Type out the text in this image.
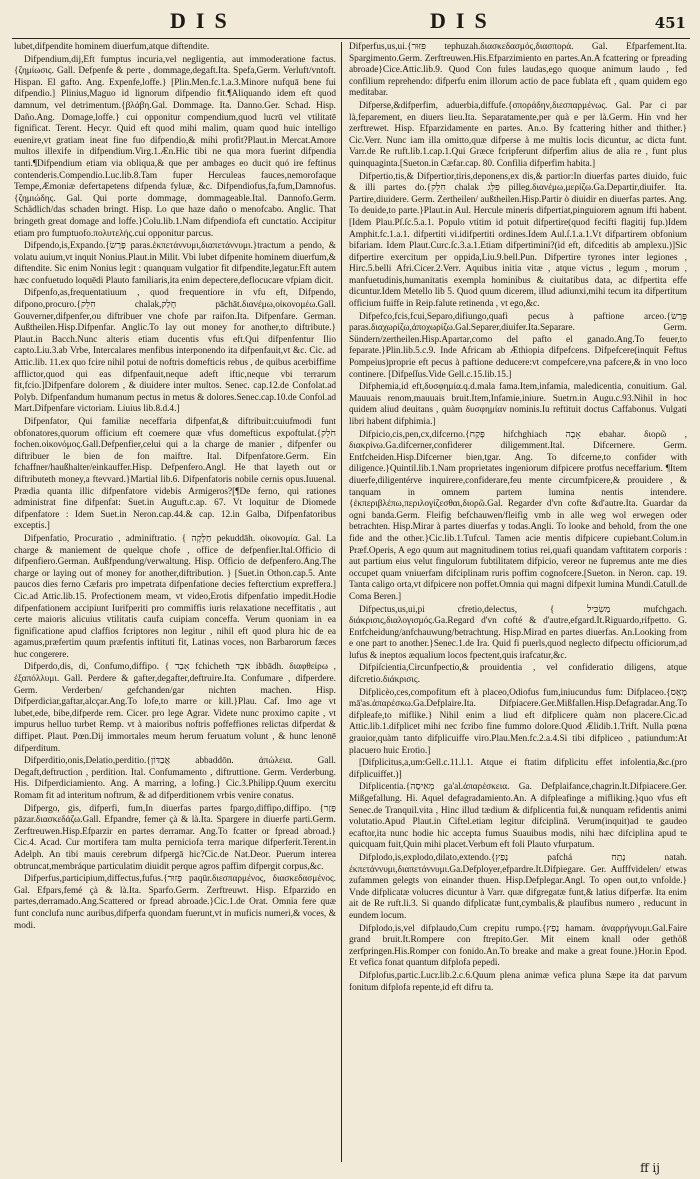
DIS	DIS	451

lubet,difpendite hominem diuerfum,atque diftendite.

Difpendium,dij,Eft fumptus incuria,vel negligentia, aut immoderatione factus.{ζημίωσις. Gall. Defpenfe & perte , dommage,degaft.Ita. Spefa,Germ. Verluft/vntoft. Hispan. El gafto. Ang. Expenfe,loffe.} [Plin.Men.fc.1.a.3.Minore nufquā bene fui difpendio.] Plinius,Maguo id lignorum difpendio fit.¶Aliquando idem eft quod damnum, vel detrimentum.{βλάβη.Gal. Dommage. Ita. Danno.Ger. Schad. Hisp. Daño.Ang. Domage,loffe.} cui opponitur compendium,quod lucrū vel vtilitatē fignificat. Terent. Hecyr. Quid eft quod mihi malim, quam quod huic intelligo euenire,vt gratiam ineat fine fuo difpendio,& mihi profit?Plaut.in Mercat.Amore multos illexife in difpendium.Virg.1.Æn.Hic tibi ne qua mora fuerint difpendia tanti.¶Difpendium etiam via obliqua,& que per ambages eo ducit quó ire feftinus contenderis.Compendio.Luc.lib.8.Tam fuper Herculeas fauces,nemorofaque Tempe,Æmoniæ defertapetens difpenda fyluæ, &c. Difpendiofus,fa,fum,Damnofus.{ζημιώδης. Gal. Qui porte dommage, dommageable.Ital. Dannofo.Germ. Schädlich/das schaden bringt. Hisp. Lo que haze daño o menofcabo. Anglic. That bringeth great domage and loffe.}Colu.lib.1.Nam difpendiofa eft cunctatio. Accipitur etiam pro fumptuofo.πολυτελής.cui opponitur parcus.

Difpendo,is,Expando.{פָּרַשׂ paras.ἐκπετάννυμι,διαπετάννυμι.}tractum a pendo, & volatu auium,vt inquit Nonius.Plaut.in Milit. Vbi lubet difpenite hominem diuerfum,& diftendite. Sic enim Nonius legit : quanquam vulgatior fit difpendite,legatur.Eft autem hæc confuetudo loquēdi Plauto familiaris,ita enim depectere,deflocucare vfpiam dicit.

Difpenfo,as,frequentatiuum , quod frequentiore in vfu eft, Difpendo, difpono,procuro.{חִלֵּק chalak,חָלַק pāchāt.διανέμω,οἰκονομέω.Gall. Gouverner,difpenfer,ou diftribuer vne chofe par raifon.Ita. Difpenfare. German. Außtheilen.Hisp.Difpenfar. Anglic.To lay out money for another,to diftribute.} Plaut.in Bacch.Nunc alteris etiam ducentis vfus eft.Qui difpenfentur Ilio capto.Liu.3.ab Vrbe, Intercalares menfibus interponendo ita difpenfauit,vt &c. Cic. ad Attic.lib. 11.ex quo fcire nihil potui de noftris domefticis rebus , de quibus acerbiffime afflictor,quod qui eas difpenfauit,neque adeft iftic,neque vbi terrarum fit,fcio.]Difpenfare dolorem , & diuidere inter multos. Senec. cap.12.de Confolat.ad Polyb. Difpenfandum humanum pectus in metus & dolores.Senec.cap.10.de Confol.ad Mart.Difpenfare victoriam. Liuius lib.8.d.4.]

Difpenfator, Qui familiæ neceffaria difpenfat,& diftribuit:cuiufmodi funt obfonatores,quorum officium eft coemere quæ vfus domefticus expoftulat.{חֹלֵק fochen.οἰκονόμος.Gall.Defpenfier,celui qui a la charge de manier , difpenfer ou diftribuer le bien de fon maiftre. Ital. Difpenfatore.Germ. Ein fchaffner/haußhalter/einkauffer.Hisp. Defpenfero.Angl. He that layeth out or diftributeth money,a ftevvard.}Martial lib.6. Difpenfatoris nobile cernis opus.Iuuenal. Prædia quanta illic difpenfatore videbis Armigeros?[¶De ferno, qui rationes administrat fine difpenfat: Suet.in Auguft.c.ap. 67. Vt loquitur de Diomede difpenfatore : Idem Suet.in Neron.cap.44.& cap. 12.in Galba, Difpenfatoribus exceptis.]

Difpenfatio, Procuratio , adminiftratio. { חַלָּקָה pekuddāh. οἰκονομία. Gal. La charge & maniement de quelque chofe , office de defpenfier.Ital.Officio di difpenfiero.German. Außfpendung/verwaltung. Hisp. Officio de defpenfero.Ang.The charge or laying out of money for another,diftribution. } [Suet.in Othon.cap.5. Ante paucos dies ferno Cæfaris pro impetrata difpenfatione decies fefterctium expreffera.] Cic.ad Attic.lib.15. Profectionem meam, vt video,Erotis difpenfatio impedit.Hodie difpenfationem accipiunt Iurifperiti pro commiffis iuris relaxatione neceffitatis , aut certe maioris alicuius vtilitatis caufa cuipiam conceffa. Verum quoniam in ea fignificatione apud claffios fcriptores non legitur , nihil eft quod plura hic de ea agamus,præfertim quum præfentis inftituti fit, Latinas voces, non Barbarorum fæces huc congerere.

Difperdo,dis, di, Confumo,diffipo. { אָבַד fchicheth אִבַּד ibbādh. διαφθείρω , ἐξαπόλλυμι. Gall. Perdere & gafter,degafter,deftruire.Ita. Confumare , difperdere. Germ. Verderben/ gefchanden/gar nichten machen. Hisp. Difperdiciar,gaftar,alcçar.Ang.To lofe,to marre or kill.}Plau. Caf. Imo age vt lubet,ede, bibe,difperde rem. Cicer. pro lege Agrar. Videte nunc proximo capite , vt impurus helluo turbet Remp. vt à maioribus noftris poffeffiones relictas difperdat & diffipet. Plaut. Pœn.Dij immortales meum herum feruatum volunt , & hunc lenonē difperditum.

Difperditio,onis,Delatio,perditio.{אֲבַדּוֹן abbaddōn. ἀπώλεια. Gall. Degaft,deftruction , perdition. Ital. Confumamento , diftruttione. Germ. Verderbung. His. Difperdiciamiento. Ang. A marring, a lofing.} Cic.3.Philipp.Quum exercitu Romam fit ad interitum noftrum, & ad difperditionem vrbis venire conatus.

Difpergo, gis, difperfi, fum,In diuerfas partes fpargo,diffipo,diffipo. {פָּזַר pāzar.διασκεδάζω.Gall. Efpandre, femer çà & là.Ita. Spargere in diuerfe parti.Germ. Zerftreuwen.Hisp.Efparzir en partes derramar. Ang.To fcatter or fpread abroad.} Cic.4. Acad. Cur mortifera tam multa perniciofa terra marique difperferit.Terent.in Adelph. An tibi mauis cerebrum difpergā hic?Cic.de Nat.Deor. Puerum interea obtruncat,membráque particulatim diuidit perque agros paffim difpergit corpus,&c.

Difperfus,participium,diffectus,fufus.{פָּזוּר paqūr.διεσπαρμένος, διασκεδασμένος. Gal. Efpars,femé çà & là.Ita. Sparfo.Germ. Zerftreuwt. Hisp. Efparzido en partes,derramado.Ang.Scattered or fpread abroade.}Cic.1.de Orat. Omnia fere quæ funt conclufa nunc auribus,difperfa quondam fuerunt,vt in muficis numeri,& voces, & modi.

Difperfus,us,ui.{פִּזּוּר tephuzah.διασκεδασμός,διασπορά. Gal. Efparfement.Ita. Spargimento.Germ. Zerftreuwen.His.Efparzimiento en partes.An.A fcattering or fpreading abroade}Cice.Attic.lib.9. Quod Con fules laudas,ego quoque animum laudo , fed confilium reprehendo: difperfu enim illorum actio de pace fublata eft , quam quidem ego meditabar.

Difperse,&difperfim, aduerbia,diffufe.{σποράδην,διεσπαρμένως. Gal. Par ci par là,feparement, en diuers lieu.Ita. Separatamente,per quà e per là.Germ. Hin vnd her zerftrewet. Hisp. Efparzidamente en partes. An.o. By fcattering hither and thither.} Cic.Verr. Nunc iam illa omitto,quæ difperse à me multis locis dicuntur, ac dicta funt. Varr.de Re ruft.lib.1.cap.1.Qui Græce fcripferunt difperfim alius de alia re , funt plus quinquaginta.[Sueton.in Cæfar.cap. 80. Confilia difperfim habita.]

Difpertio,tis,& Difpertior,tiris,deponens,ex dis,& partior:In diuerfas partes diuido, fuic & illi partes do.{חִלֵּק chalak פִּלֵּג pilleg.διανέμω,μερίζω.Ga.Departir,diuifer. Ita. Partire,diuidere. Germ. Zertheilen/ außtheilen.Hisp.Partir ò diuidir en diuerfas partes. Ang. To deuide,to parte.}Plaut.in Aul. Hercule mineris difpertiat,pinguiorem agnum ifti habent.[Idem Plau.Pſ.ſc.5.a.1. Populo vtitim id potuit difpertire(quod fecifti flagitij fup.)Idem Amphit.fc.1.a.1. difpertiti vi.idifpertiti ordines.Idem Aul.ſ.1.a.1.Vt difpartirem obfonium bifariam. Idem Plaut.Curc.ſc.3.a.1.Etiam difpertimini?(id eft, difceditis ab amplexu.)]Sic difpertire exercitum per oppida,Liu.9.bell.Pun. Difpertire tyrones inter legiones , Hirc.5.belli Afri.Cicer.2.Verr. Aquibus initia vitæ , atque victus , legum , morum , manfuetudinis,humanitatis exempla hominibus & ciuitatibus data, ac difpertita effe dicuntur.Idem Metello lib 5. Quod quum dicerem, illud adiunxi,mihi tecum ita difpertitum officium fuiffe in Reip.falute retinenda , vt ego,&c.

Difpefco,fcis,fcui,Separo,difiungo,quafi pecus à paftione arceo.{פָּרַשׂ paras.διαχωρίζω,ἀποχωρίζω.Gal.Separer,diuifer.Ita.Separare. Germ. Sündern/zertheilen.Hisp.Apartar,como del pafto el ganado.Ang.To feuer,to feparate.}Plin.lib.5.c.9. Inde Africam ab Æthiopia difpefcens. Difpefcere(inquit Feftus Pompeius)proprie eft pecus à paftione deducere:vt compefcere,vna pafcere,& in vno loco continere. [Difpeſſus.Vide Gell.c.15.lib.15.]

Difphemia,id eft,δυσφημία.q.d.mala fama.Item,infamia, maledicentia, conuitium. Gal. Mauuais renom,mauuais bruit.Item,Infamie,iniure. Suetrn.in Augu.c.93.Nihil in hoc quidem aliud deuitans , quàm δυσφημίαν nominis.Iu reftituit doctus Caffabonus. Vulgati libri habent difphimia.]

Difpicio,cis,pen,cx,difcerno.{פָּקַח hifchghiach אָבָה ebahar. διορῶ , διακρίνω.Ga.difcerner,confiderer diligemment.Ital. Difcernere. Germ. Entfcheiden.Hisp.Difcerner bien,tgar. Ang. To difcerne,to confider with diligence.}Quintil.lib.1.Nam proprietates ingeniorum difpicere protfus neceffarium. ¶Item diuerfe,diligentérve inquirere,confiderare,feu mente circumfpicere,& prouidere , & tanquam in omnem partem lumina nentis intendere.{ἐκπεριβλέπω,περιλογίζεσθαι,διορῶ.Gal. Regarder d'vn cofte &d'autre.Ita. Guardar da ogni banda.Germ. Fleifig befchauwen/fleifig vmb in alle weg wol erwegen oder betrachten. Hisp.Mirar à partes diuerfas y todas.Angli. To looke and behold, from the one fide and the other.}Cic.lib.1.Tufcul. Tamen acie mentis difpicere cupiebant.Colum.in Præf.Operis, A ego quum aut magnitudinem totius rei,quafi quandam vaftitatem corporis : aut partium eius velut fingulorum fubtilitatem difpicio, vereor ne fupremus ante me dies occupet quam vniuerfam difciplinam ruris poffim cognofcere.[Sueton. in Neron. cap. 19. Tanta caligo orta,vt difpicere non poffet.Omnia qui magni difpexit lumina Mundi.Catull.de Coma Beren.]

Difpectus,us,ui,pi cfretio,delectus, { מַשְׂכִּיל mufchgach. διάκρισις,διαλογισμός.Ga.Regard d'vn cofté & d'autre,efgard.It.Riguardo,rifpetto. G. Entfcheidung/anfchauwung/betrachtung. Hisp.Mirad en partes diuerfas. An.Looking from e one part to another.}Senec.1.de Ira. Quid fi puerls,quod neglecto difpectu officiorum,ad lufus & ineptos æqualium locos fpectent,quis irafcatur,&c.

Difpiſcientia,Circunfpectio,& prouidentia , vel confideratio diligens, atque difcretio.διάκρισις.

Difplicèo,ces,compofitum eft à placeo,Odiofus fum,iniucundus fum: Difplaceo.{מָאַס mā'as.ἀπαρέσκω.Ga.Defplaire.Ita. Difpiacere.Ger.Mißfallen.Hisp.Defagradar.Ang.To difpleafe,to miflike.} Nihil enim a liud eft difplicere quàm non placere.Cic.ad Attic.lib.1.difplicet mihi nec fcribo fine fummo dolore.Quod Ælidib.1.Trift. Nulla pœna grauior,quàm tanto difplicuiffe viro.Plau.Men.fc.2.a.4.Si tibi difpliceo , patiundum:At placuero huic Erotio.]

[Difplicitus,a,um:Gell.c.11.l.1. Atque ei ftatim difplicitu effet infolentia,&c.(pro difplicuiffet.)]

Difplicentia.{מְאִיסָה ga'al.ἀπαρέσκεια. Ga. Defplaifance,chagrin.It.Difpiacere.Ger. Mißgefallung. Hi. Aquel defagradamiento.An. A difpleafinge a mifliking.}quo vfus eft Senec.de Tranquil.vita , Hinc illud tædium & difplicentia fui,& nunquam refidentis animi volutatio.Apud Plaut.in Ciftel.etiam legitur difciplinā. Verum(inquit)ad te gaudeo ecaftor,ita nunc hodie hic accepta fumus Suauibus modis, nihi hæc difciplina apud te quicquam fuit,Quin mihi placet.Verbum eft foli Plauto vfurpatum.

Difplodo,is,explodo,dilato,extendo.{נָפַץ pafchá נָתַח natah. ἐκπετάννυμι,διαπετάννυμι.Ga.Defployer,efpardre.It.Difpiegare. Ger. Aufffvidelen/ etwas zufammen gelegts von einander thuen. Hisp.Defplegar.Angl. To open out,to vnfolde.} Vnde difplicatæ volucres dicuntur à Varr. quæ difgregatæ funt,& latius difperfæ. Ita enim ait de Re ruft.li.3. Si quando difplicatæ funt,cymbalis,& plaufibus numero , reducunt in eundem locum.

Difplodo,is,vel difplaudo,Cum crepitu rumpo.{נָפַץ hamam. ἀναρρήγνυμι.Gal.Faire grand bruit.It.Rompere con ftrepito.Ger. Mit einem knall oder gethöß zerfpringen.His.Romper con fonido.An.To breake and make a great foune.}Hor.in Epod. Et vefica fonat quantum difplofa pepedi.

Difplofus,partic.Lucr.lib.2.c.6.Quum plena animæ vefica pluna Sæpe ita dat parvum fonitum difplofa repente,id eft difru ta.

ff ij
